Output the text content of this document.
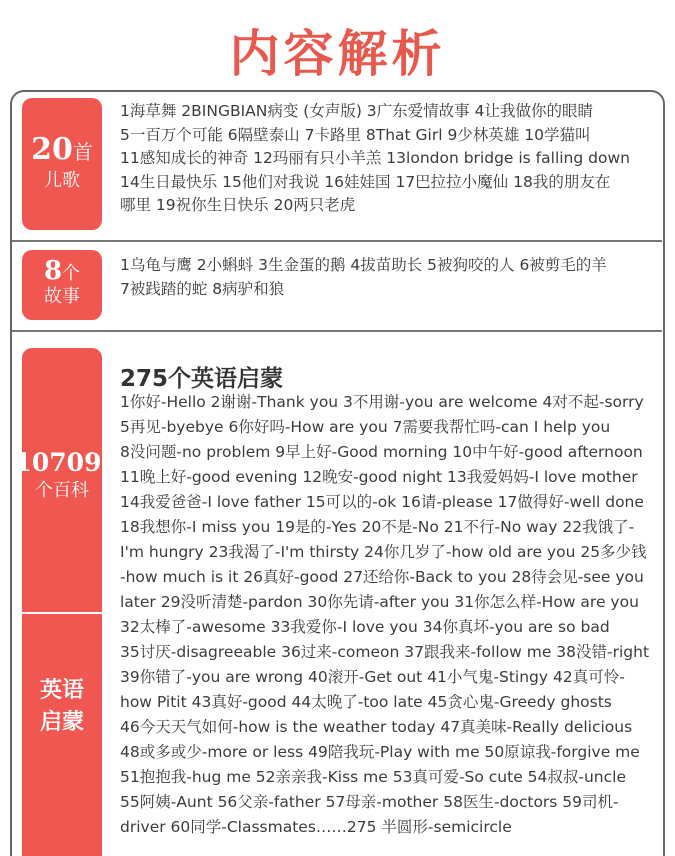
内容解析
20首
儿歌
1海草舞 2BINGBIAN病变 (女声版) 3广东爱情故事 4让我做你的眼睛
5一百万个可能 6隔壁泰山 7卡路里 8That Girl 9少林英雄 10学猫叫
11感知成长的神奇 12玛丽有只小羊羔 13london bridge is falling down
14生日最快乐 15他们对我说 16娃娃国 17巴拉拉小魔仙 18我的朋友在
哪里 19祝你生日快乐 20两只老虎
8个
故事
1乌龟与鹰 2小蝌蚪 3生金蛋的鹅 4拔苗助长 5被狗咬的人 6被剪毛的羊
7被践踏的蛇 8病驴和狼
10709
个百科
英语
启蒙
275个英语启蒙
1你好-Hello 2谢谢-Thank you 3不用谢-you are welcome 4对不起-sorry
5再见-byebye 6你好吗-How are you 7需要我帮忙吗-can I help you
8没问题-no problem 9早上好-Good morning 10中午好-good afternoon
11晚上好-good evening 12晚安-good night 13我爱妈妈-I love mother
14我爱爸爸-I love father 15可以的-ok 16请-please 17做得好-well done
18我想你-I miss you 19是的-Yes 20不是-No 21不行-No way 22我饿了-
I'm hungry 23我渴了-I'm thirsty 24你几岁了-how old are you 25多少钱
-how much is it 26真好-good 27还给你-Back to you 28待会见-see you
later 29没听清楚-pardon 30你先请-after you 31你怎么样-How are you
32太棒了-awesome 33我爱你-I love you 34你真坏-you are so bad
35讨厌-disagreeable 36过来-comeon 37跟我来-follow me 38没错-right
39你错了-you are wrong 40滚开-Get out 41小气鬼-Stingy 42真可怜-
how Pitit 43真好-good 44太晚了-too late 45贪心鬼-Greedy ghosts
46今天天气如何-how is the weather today 47真美味-Really delicious
48或多或少-more or less 49陪我玩-Play with me 50原谅我-forgive me
51抱抱我-hug me 52亲亲我-Kiss me 53真可爱-So cute 54叔叔-uncle
55阿姨-Aunt 56父亲-father 57母亲-mother 58医生-doctors 59司机-
driver 60同学-Classmates……275 半圆形-semicircle
